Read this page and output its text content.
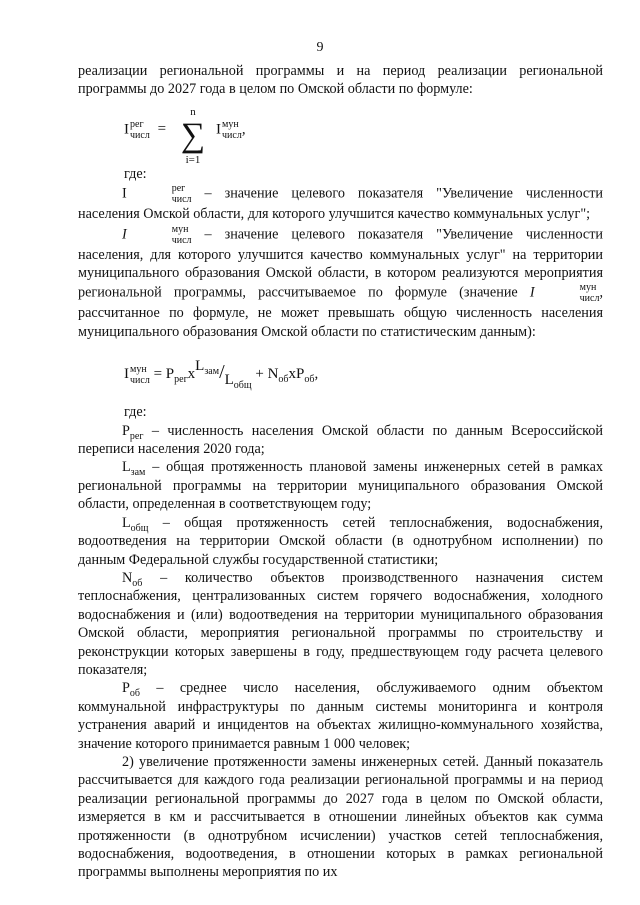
9

реализации региональной программы и на период реализации региональной программы до 2027 года в целом по Омской области по формуле:

I рег
числ =
n
∑
i=1
I мун
числ ,

где:

I	рег
числ – значение целевого показателя "Увеличение численности населения Омской области, для которого улучшится качество коммунальных услуг";

I	мун
числ – значение целевого показателя "Увеличение численности населения, для которого улучшится качество коммунальных услуг" на территории муниципального образования Омской области, в котором реализуются мероприятия региональной программы, рассчитываемое по формуле (значение I	мун
числ , рассчитанное по формуле, не может превышать общую численность населения муниципального образования Омской области по статистическим данным):

I мун
числ = $P_{рег}xL_{зам}/L_{общ} + N_{об}xP_{об}$,

где:

$P_{рег}$ – численность населения Омской области по данным Всероссийской переписи населения 2020 года;

$L_{зам}$ – общая протяженность плановой замены инженерных сетей в рамках региональной программы на территории муниципального образования Омской области, определенная в соответствующем году;

$L_{общ}$ – общая протяженность сетей теплоснабжения, водоснабжения, водоотведения на территории Омской области (в однотрубном исполнении) по данным Федеральной службы государственной статистики;

$N_{об}$ – количество объектов производственного назначения систем теплоснабжения, централизованных систем горячего водоснабжения, холодного водоснабжения и (или) водоотведения на территории муниципального образования Омской области, мероприятия региональной программы по строительству и реконструкции которых завершены в году, предшествующем году расчета целевого показателя;

$P_{об}$ – среднее число населения, обслуживаемого одним объектом коммунальной инфраструктуры по данным системы мониторинга и контроля устранения аварий и инцидентов на объектах жилищно-коммунального хозяйства, значение которого принимается равным 1 000 человек;

2) увеличение протяженности замены инженерных сетей. Данный показатель рассчитывается для каждого года реализации региональной программы и на период реализации региональной программы до 2027 года в целом по Омской области, измеряется в км и рассчитывается в отношении линейных объектов как сумма протяженности (в однотрубном исчислении) участков сетей теплоснабжения, водоснабжения, водоотведения, в отношении которых в рамках региональной программы выполнены мероприятия по их
